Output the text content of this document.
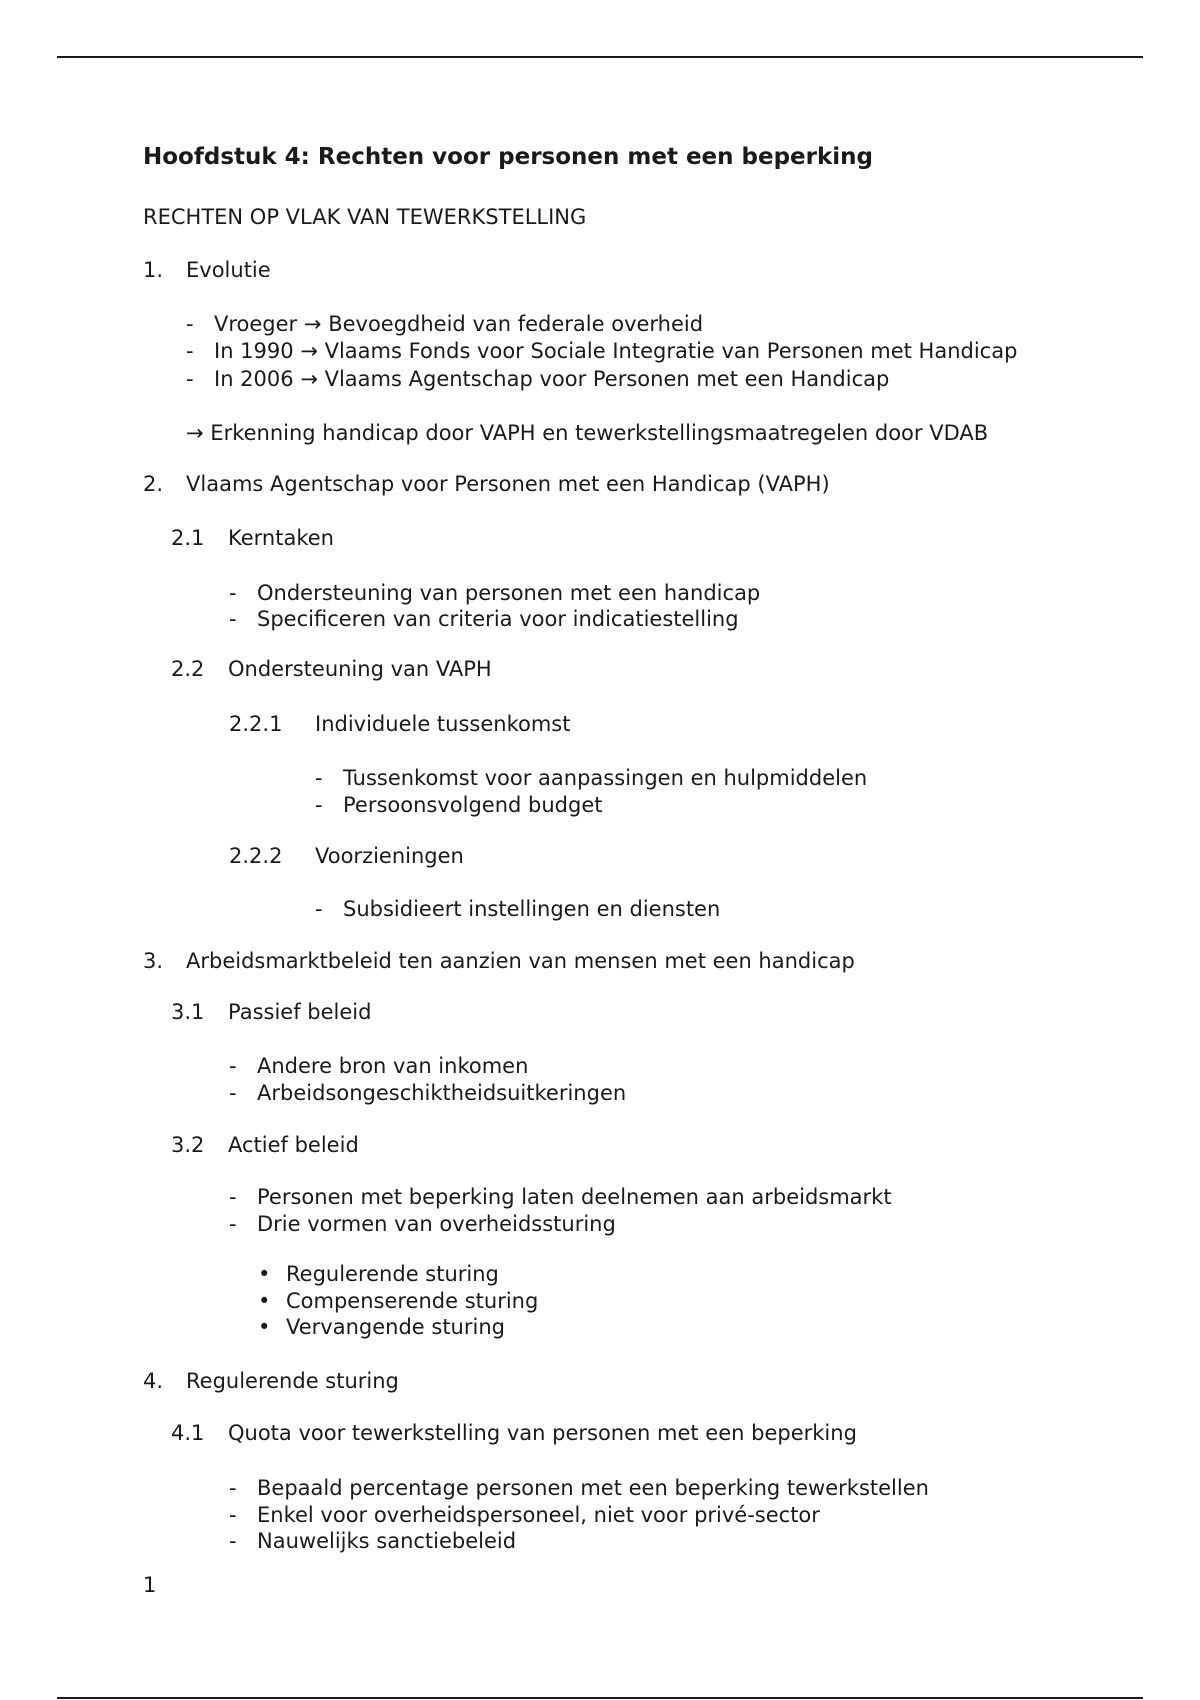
Hoofdstuk 4: Rechten voor personen met een beperking
RECHTEN OP VLAK VAN TEWERKSTELLING
1. Evolutie
- Vroeger → Bevoegdheid van federale overheid
- In 1990 → Vlaams Fonds voor Sociale Integratie van Personen met Handicap
- In 2006 → Vlaams Agentschap voor Personen met een Handicap
→ Erkenning handicap door VAPH en tewerkstellingsmaatregelen door VDAB
2. Vlaams Agentschap voor Personen met een Handicap (VAPH)
2.1 Kerntaken
- Ondersteuning van personen met een handicap
- Specificeren van criteria voor indicatiestelling
2.2 Ondersteuning van VAPH
2.2.1 Individuele tussenkomst
- Tussenkomst voor aanpassingen en hulpmiddelen
- Persoonsvolgend budget
2.2.2 Voorzieningen
- Subsidieert instellingen en diensten
3. Arbeidsmarktbeleid ten aanzien van mensen met een handicap
3.1 Passief beleid
- Andere bron van inkomen
- Arbeidsongeschiktheidsuitkeringen
3.2 Actief beleid
- Personen met beperking laten deelnemen aan arbeidsmarkt
- Drie vormen van overheidssturing
• Regulerende sturing
• Compenserende sturing
• Vervangende sturing
4. Regulerende sturing
4.1 Quota voor tewerkstelling van personen met een beperking
- Bepaald percentage personen met een beperking tewerkstellen
- Enkel voor overheidspersoneel, niet voor privé-sector
- Nauwelijks sanctiebeleid
1
